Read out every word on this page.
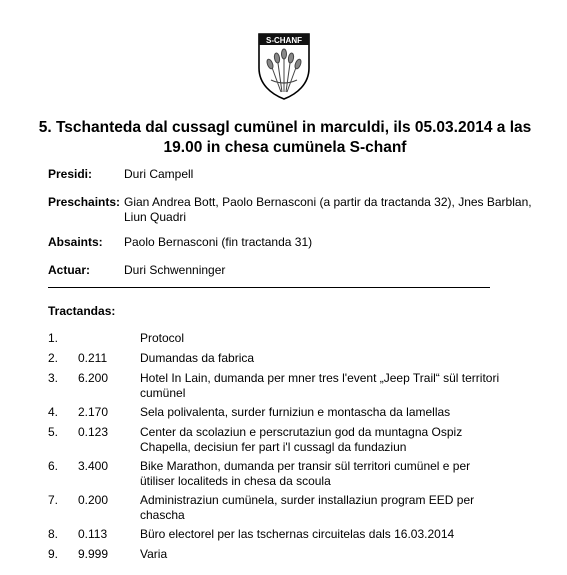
S-CHANF
5. Tschanteda dal cussagl cumünel in marculdi, ils 05.03.2014 a las 19.00 in chesa cumünela S-chanf
Presidi:	Duri Campell
Preschaints: Gian Andrea Bott, Paolo Bernasconi (a partir da tractanda 32), Jnes Barblan, Liun Quadri
Absaints: Paolo Bernasconi (fin tractanda 31)
Actuar:	Duri Schwenninger
Tractandas:
1.	Protocol
2. 0.211	Dumandas da fabrica
3. 6.200	Hotel In Lain, dumanda per mner tres l'event „Jeep Trail“ sül territori cumünel
4. 2.170	Sela polivalenta, surder furniziun e montascha da lamellas
5. 0.123	Center da scolaziun e perscrutaziun god da muntagna Ospiz Chapella, decisiun fer part i'l cussagl da fundaziun
6. 3.400	Bike Marathon, dumanda per transir sül territori cumünel e per ütiliser localiteds in chesa da scoula
7. 0.200	Administraziun cumünela, surder installaziun program EED per chascha
8. 0.113	Büro electorel per las tschernas circuitelas dals 16.03.2014
9. 9.999	Varia
